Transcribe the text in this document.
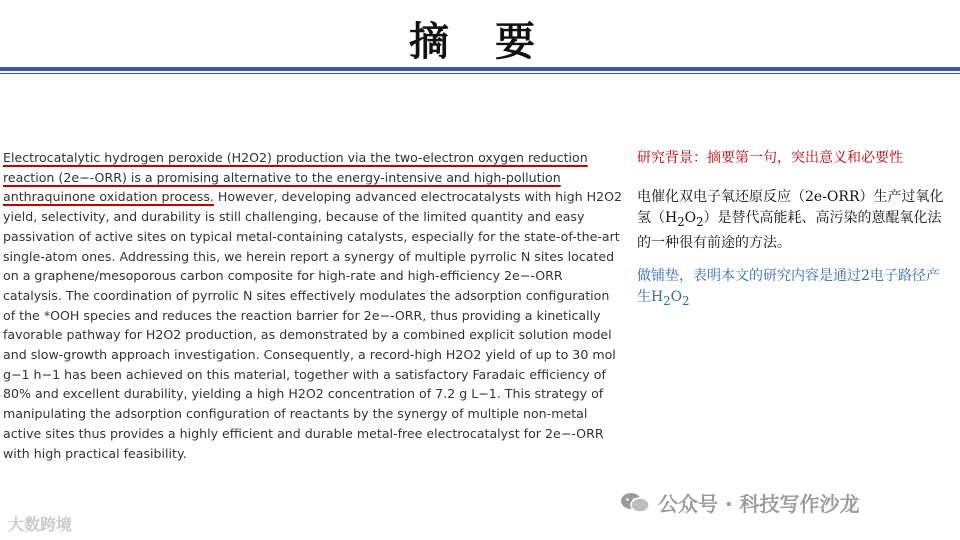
摘 要
Electrocatalytic hydrogen peroxide (H2O2) production via the two-electron oxygen reduction reaction (2e−-ORR) is a promising alternative to the energy-intensive and high-pollution anthraquinone oxidation process. However, developing advanced electrocatalysts with high H2O2 yield, selectivity, and durability is still challenging, because of the limited quantity and easy passivation of active sites on typical metal-containing catalysts, especially for the state-of-the-art single-atom ones. Addressing this, we herein report a synergy of multiple pyrrolic N sites located on a graphene/mesoporous carbon composite for high-rate and high-efficiency 2e−-ORR catalysis. The coordination of pyrrolic N sites effectively modulates the adsorption configuration of the *OOH species and reduces the reaction barrier for 2e−-ORR, thus providing a kinetically favorable pathway for H2O2 production, as demonstrated by a combined explicit solution model and slow-growth approach investigation. Consequently, a record-high H2O2 yield of up to 30 mol g−1 h−1 has been achieved on this material, together with a satisfactory Faradaic efficiency of 80% and excellent durability, yielding a high H2O2 concentration of 7.2 g L−1. This strategy of manipulating the adsorption configuration of reactants by the synergy of multiple non-metal active sites thus provides a highly efficient and durable metal-free electrocatalyst for 2e−-ORR with high practical feasibility.

研究背景：摘要第一句，突出意义和必要性

电催化双电子氧还原反应（2e-ORR）生产过氧化氢$(H_2O_2)$是替代高能耗、高污染的蒽醌氧化法的一种很有前途的方法。

做铺垫，表明本文的研究内容是通过2电子路径产生$H_2O_2$

大数跨境
公众号 · 科技写作沙龙
